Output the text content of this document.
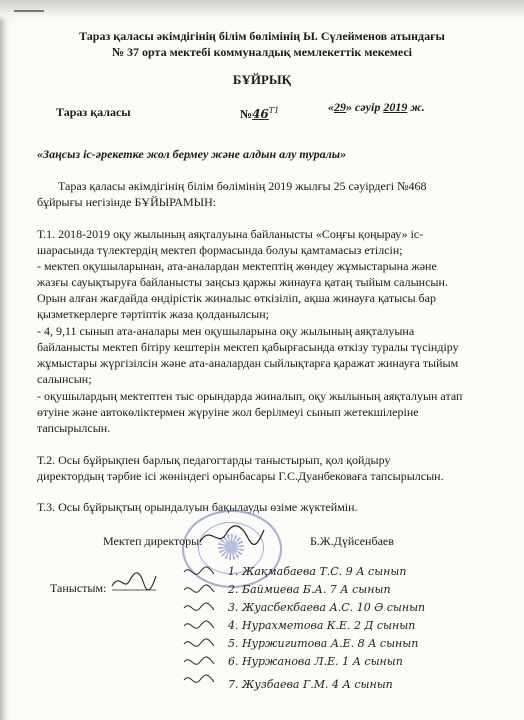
Тараз қаласы әкімдігінің білім бөлімінің Ы. Сүлейменов атындағы
№ 37 орта мектебі коммуналдық мемлекеттік мекемесі
БҰЙРЫҚ
Тараз қаласы	$№46^{Т1}$	«29» сәуір 2019 ж.
«Заңсыз іс-әрекетке жол бермеу және алдын алу туралы»
Тараз қаласы әкімдігінің білім бөлімінің 2019 жылғы 25 сәуірдегі №468
бұйрығы негізінде БҰЙЫРАМЫН:
Т.1. 2018-2019 оқу жылының аяқталуына байланысты «Соңғы қоңырау» іс-
шарасында түлектердің мектеп формасында болуы қамтамасыз етілсін;
- мектеп оқушыларынан, ата-аналардан мектептің жөндеу жұмыстарына және
жазғы сауықтыруға байланысты заңсыз қаржы жинауға қатаң тыйым салынсын.
Орын алған жағдайда өндірістік жиналыс өткізіліп, ақша жинауға қатысы бар
қызметкерлерге тәртіптік жаза қолданылсын;
- 4, 9,11 сынып ата-аналары мен оқушыларына оқу жылының аяқталуына
байланысты мектеп бітіру кештерін мектеп қабырғасында өткізу туралы түсіндіру
жұмыстары жүргізілсін және ата-аналардан сыйлықтарға қаражат жинауға тыйым
салынсын;
- оқушылардың мектептен тыс орындарда жиналып, оқу жылының аяқталуын атап
өтуіне және автокөліктермен жүруіне жол берілмеуі сынып жетекшілеріне
тапсырылсын.
Т.2. Осы бұйрықпен барлық педагогтарды таныстырып, қол қойдыру
директордың тәрбие ісі жөніндегі орынбасары Г.С.Дуанбековаға тапсырылсын.
Т.3. Осы бұйрықтың орындалуын бақылауды өзіме жүктеймін.
Мектеп директоры:	Б.Ж.Дүйсенбаев
Таныстым:
1. Жақмабаева Т.С. 9 А сынып
2. Баймиева Б.А. 7 А сынып
3. Жуасбекбаева А.С. 10 Ә сынып
4. Нурахметова К.Е. 2 Д сынып
5. Нуржигитова А.Е. 8 А сынып
6. Нуржанова Л.Е. 1 А сынып
7. Жузбаева Г.М. 4 А сынып
